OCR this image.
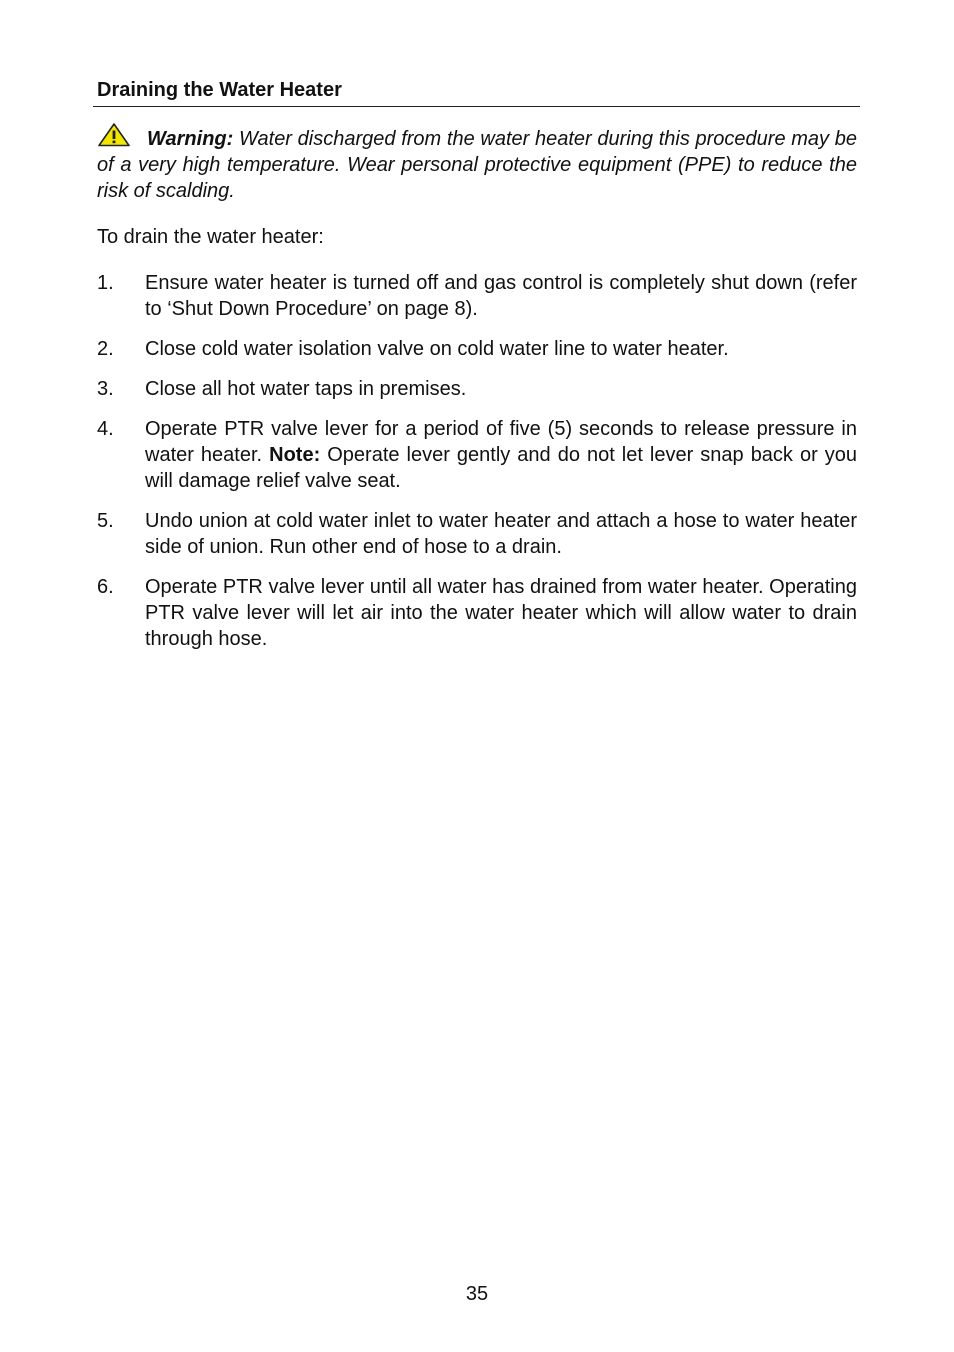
Draining the Water Heater

Warning: Water discharged from the water heater during this procedure may be of a very high temperature. Wear personal protective equipment (PPE) to reduce the risk of scalding.

To drain the water heater:

1. Ensure water heater is turned off and gas control is completely shut down (refer to ‘Shut Down Procedure’ on page 8).
2. Close cold water isolation valve on cold water line to water heater.
3. Close all hot water taps in premises.
4. Operate PTR valve lever for a period of five (5) seconds to release pressure in water heater. Note: Operate lever gently and do not let lever snap back or you will damage relief valve seat.
5. Undo union at cold water inlet to water heater and attach a hose to water heater side of union. Run other end of hose to a drain.
6. Operate PTR valve lever until all water has drained from water heater. Operating PTR valve lever will let air into the water heater which will allow water to drain through hose.
35
